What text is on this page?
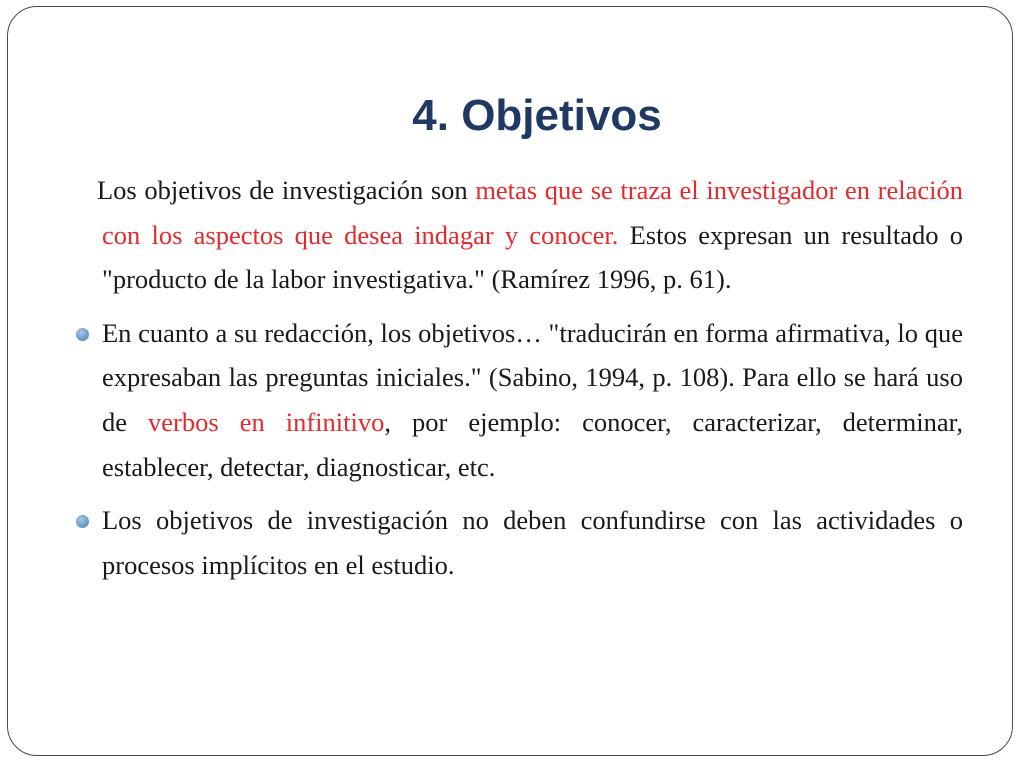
4. Objetivos

Los objetivos de investigación son metas que se traza el investigador en relación con los aspectos que desea indagar y conocer. Estos expresan un resultado o "producto de la labor investigativa." (Ramírez 1996, p. 61).

En cuanto a su redacción, los objetivos… "traducirán en forma afirmativa, lo que expresaban las preguntas iniciales." (Sabino, 1994, p. 108). Para ello se hará uso de verbos en infinitivo, por ejemplo: conocer, caracterizar, determinar, establecer, detectar, diagnosticar, etc.

Los objetivos de investigación no deben confundirse con las actividades o procesos implícitos en el estudio.
